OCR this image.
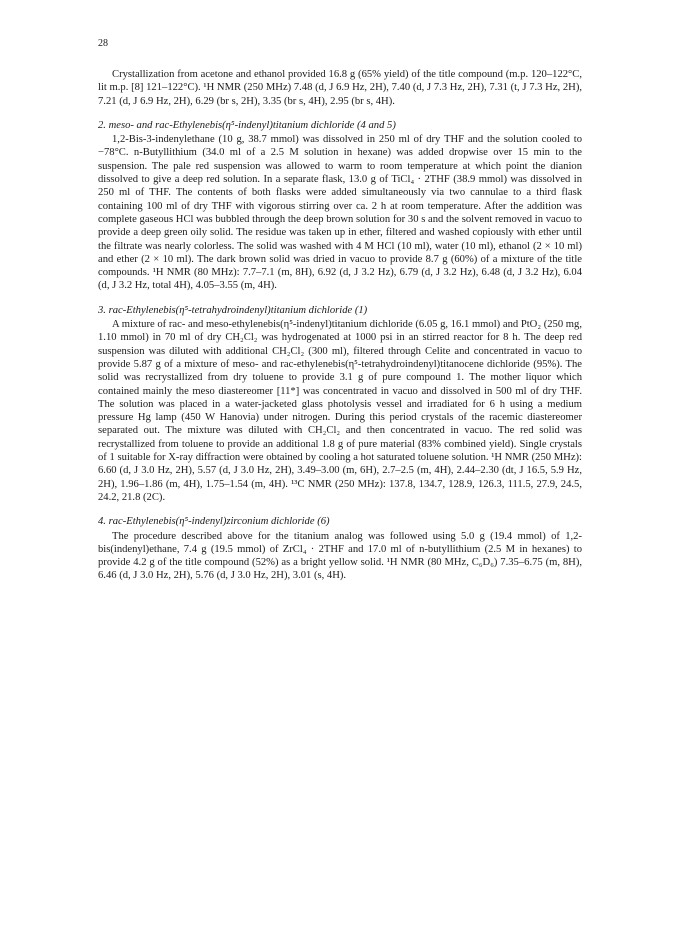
28

Crystallization from acetone and ethanol provided 16.8 g (65% yield) of the title compound (m.p. 120–122°C, lit m.p. [8] 121–122°C). ¹H NMR (250 MHz) 7.48 (d, J 6.9 Hz, 2H), 7.40 (d, J 7.3 Hz, 2H), 7.31 (t, J 7.3 Hz, 2H), 7.21 (d, J 6.9 Hz, 2H), 6.29 (br s, 2H), 3.35 (br s, 4H), 2.95 (br s, 4H).

2. meso- and rac-Ethylenebis(η⁵-indenyl)titanium dichloride (4 and 5)

1,2-Bis-3-indenylethane (10 g, 38.7 mmol) was dissolved in 250 ml of dry THF and the solution cooled to −78°C. n-Butyllithium (34.0 ml of a 2.5 M solution in hexane) was added dropwise over 15 min to the suspension. The pale red suspension was allowed to warm to room temperature at which point the dianion dissolved to give a deep red solution. In a separate flask, 13.0 g of TiCl₄ · 2THF (38.9 mmol) was dissolved in 250 ml of THF. The contents of both flasks were added simultaneously via two cannulae to a third flask containing 100 ml of dry THF with vigorous stirring over ca. 2 h at room temperature. After the addition was complete gaseous HCl was bubbled through the deep brown solution for 30 s and the solvent removed in vacuo to provide a deep green oily solid. The residue was taken up in ether, filtered and washed copiously with ether until the filtrate was nearly colorless. The solid was washed with 4 M HCl (10 ml), water (10 ml), ethanol (2 × 10 ml) and ether (2 × 10 ml). The dark brown solid was dried in vacuo to provide 8.7 g (60%) of a mixture of the title compounds. ¹H NMR (80 MHz): 7.7–7.1 (m, 8H), 6.92 (d, J 3.2 Hz), 6.79 (d, J 3.2 Hz), 6.48 (d, J 3.2 Hz), 6.04 (d, J 3.2 Hz, total 4H), 4.05–3.55 (m, 4H).

3. rac-Ethylenebis(η⁵-tetrahydroindenyl)titanium dichloride (1)

A mixture of rac- and meso-ethylenebis(η⁵-indenyl)titanium dichloride (6.05 g, 16.1 mmol) and PtO₂ (250 mg, 1.10 mmol) in 70 ml of dry CH₂Cl₂ was hydrogenated at 1000 psi in an stirred reactor for 8 h. The deep red suspension was diluted with additional CH₂Cl₂ (300 ml), filtered through Celite and concentrated in vacuo to provide 5.87 g of a mixture of meso- and rac-ethylenebis(η⁵-tetrahydroindenyl)titanocene dichloride (95%). The solid was recrystallized from dry toluene to provide 3.1 g of pure compound 1. The mother liquor which contained mainly the meso diastereomer [11*] was concentrated in vacuo and dissolved in 500 ml of dry THF. The solution was placed in a water-jacketed glass photolysis vessel and irradiated for 6 h using a medium pressure Hg lamp (450 W Hanovia) under nitrogen. During this period crystals of the racemic diastereomer separated out. The mixture was diluted with CH₂Cl₂ and then concentrated in vacuo. The red solid was recrystallized from toluene to provide an additional 1.8 g of pure material (83% combined yield). Single crystals of 1 suitable for X-ray diffraction were obtained by cooling a hot saturated toluene solution. ¹H NMR (250 MHz): 6.60 (d, J 3.0 Hz, 2H), 5.57 (d, J 3.0 Hz, 2H), 3.49–3.00 (m, 6H), 2.7–2.5 (m, 4H), 2.44–2.30 (dt, J 16.5, 5.9 Hz, 2H), 1.96–1.86 (m, 4H), 1.75–1.54 (m, 4H). ¹³C NMR (250 MHz): 137.8, 134.7, 128.9, 126.3, 111.5, 27.9, 24.5, 24.2, 21.8 (2C).

4. rac-Ethylenebis(η⁵-indenyl)zirconium dichloride (6)

The procedure described above for the titanium analog was followed using 5.0 g (19.4 mmol) of 1,2-bis(indenyl)ethane, 7.4 g (19.5 mmol) of ZrCl₄ · 2THF and 17.0 ml of n-butyllithium (2.5 M in hexanes) to provide 4.2 g of the title compound (52%) as a bright yellow solid. ¹H NMR (80 MHz, C₆D₆) 7.35–6.75 (m, 8H), 6.46 (d, J 3.0 Hz, 2H), 5.76 (d, J 3.0 Hz, 2H), 3.01 (s, 4H).
